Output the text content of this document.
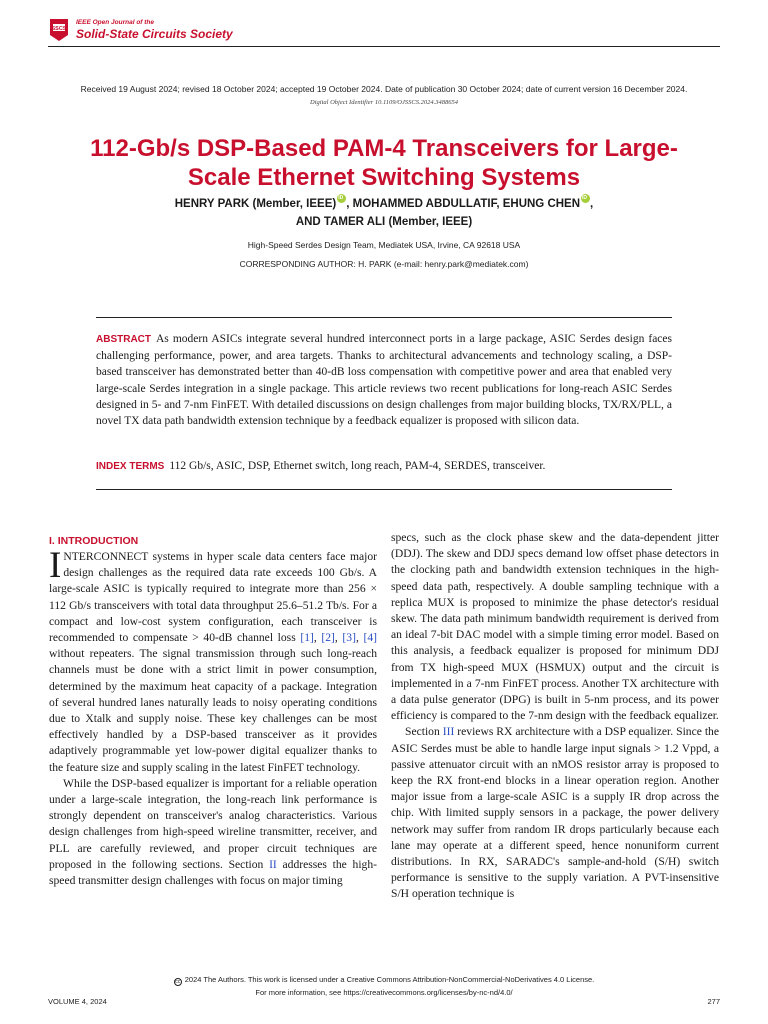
SSCS
IEEE Open Journal of the
Solid-State Circuits Society
Received 19 August 2024; revised 18 October 2024; accepted 19 October 2024. Date of publication 30 October 2024; date of current version 16 December 2024.
Digital Object Identifier 10.1109/OJSSCS.2024.3488654
112-Gb/s DSP-Based PAM-4 Transceivers for Large-Scale Ethernet Switching Systems
HENRY PARK (Member, IEEE) iD , MOHAMMED ABDULLATIF, EHUNG CHEN iD ,
AND TAMER ALI (Member, IEEE)
High-Speed Serdes Design Team, Mediatek USA, Irvine, CA 92618 USA
CORRESPONDING AUTHOR: H. PARK (e-mail: henry.park@mediatek.com)
ABSTRACT As modern ASICs integrate several hundred interconnect ports in a large package, ASIC Serdes design faces challenging performance, power, and area targets. Thanks to architectural advancements and technology scaling, a DSP-based transceiver has demonstrated better than 40-dB loss compensation with competitive power and area that enabled very large-scale Serdes integration in a single package. This article reviews two recent publications for long-reach ASIC Serdes designed in 5- and 7-nm FinFET. With detailed discussions on design challenges from major building blocks, TX/RX/PLL, a novel TX data path bandwidth extension technique by a feedback equalizer is proposed with silicon data.
INDEX TERMS 112 Gb/s, ASIC, DSP, Ethernet switch, long reach, PAM-4, SERDES, transceiver.
I. INTRODUCTION

INTERCONNECT systems in hyper scale data centers face major design challenges as the required data rate exceeds 100 Gb/s. A large-scale ASIC is typically required to integrate more than 256 × 112 Gb/s transceivers with total data throughput 25.6–51.2 Tb/s. For a compact and low-cost system configuration, each transceiver is recommended to compensate > 40-dB channel loss [1], [2], [3], [4] without repeaters. The signal transmission through such long-reach channels must be done with a strict limit in power consumption, determined by the maximum heat capacity of a package. Integration of several hundred lanes naturally leads to noisy operating conditions due to Xtalk and supply noise. These key challenges can be most effectively handled by a DSP-based transceiver as it provides adaptively programmable yet low-power digital equalizer thanks to the feature size and supply scaling in the latest FinFET technology.

While the DSP-based equalizer is important for a reliable operation under a large-scale integration, the long-reach link performance is strongly dependent on transceiver's analog characteristics. Various design challenges from high-speed wireline transmitter, receiver, and PLL are carefully reviewed, and proper circuit techniques are proposed in the following sections. Section II addresses the high-speed transmitter design challenges with focus on major timing

specs, such as the clock phase skew and the data-dependent jitter (DDJ). The skew and DDJ specs demand low offset phase detectors in the clocking path and bandwidth extension techniques in the high-speed data path, respectively. A double sampling technique with a replica MUX is proposed to minimize the phase detector's residual skew. The data path minimum bandwidth requirement is derived from an ideal 7-bit DAC model with a simple timing error model. Based on this analysis, a feedback equalizer is proposed for minimum DDJ from TX high-speed MUX (HSMUX) output and the circuit is implemented in a 7-nm FinFET process. Another TX architecture with a data pulse generator (DPG) is built in 5-nm process, and its power efficiency is compared to the 7-nm design with the feedback equalizer.

Section III reviews RX architecture with a DSP equalizer. Since the ASIC Serdes must be able to handle large input signals > 1.2 Vppd, a passive attenuator circuit with an nMOS resistor array is proposed to keep the RX front-end blocks in a linear operation region. Another major issue from a large-scale ASIC is a supply IR drop across the chip. With limited supply sensors in a package, the power delivery network may suffer from random IR drops particularly because each lane may operate at a different speed, hence nonuniform current distributions. In RX, SARADC's sample-and-hold (S/H) switch performance is sensitive to the supply variation. A PVT-insensitive S/H operation technique is

cc 2024 The Authors. This work is licensed under a Creative Commons Attribution-NonCommercial-NoDerivatives 4.0 License.
For more information, see https://creativecommons.org/licenses/by-nc-nd/4.0/
VOLUME 4, 2024	277
